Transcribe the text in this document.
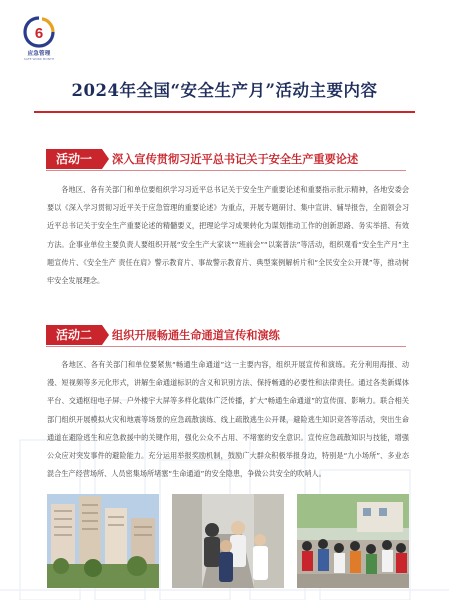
6
应急管理
SAFE WORK MONTH
2024年全国“安全生产月”活动主要内容
活动一	深入宣传贯彻习近平总书记关于安全生产重要论述

各地区、各有关部门和单位要组织学习习近平总书记关于安全生产重要论述和重要指示批示精神，各地安委会要以《深入学习贯彻习近平关于应急管理的重要论述》为重点，开展专题研讨、集中宣讲、辅导报告，全面领会习近平总书记关于安全生产重要论述的精髓要义，把理论学习成果转化为谋划推动工作的创新思路、务实举措、有效方法。企事业单位主要负责人要组织开展“安全生产大家谈”“班前会”“以案普法”等活动，组织观看“安全生产月”主题宣传片、《安全生产 责任在肩》警示教育片、事故警示教育片、典型案例解析片和“全民安全公开课”等，推动树牢安全发展理念。

活动二	组织开展畅通生命通道宣传和演练

各地区、各有关部门和单位要紧焦“畅通生命通道”这一主要内容，组织开展宣传和演练。充分利用海报、动漫、短视频等多元化形式，讲解生命通道标识的含义和识别方法、保持畅通的必要性和法律责任。通过各类新媒体平台、交通枢纽电子屏、户外楼宇大屏等多样化载体广泛传播，扩大“畅通生命通道”的宣传面、影响力。联合相关部门组织开展模拟火灾和地震等场景的应急疏散演练、线上疏散逃生公开课，避险逃生知识竞答等活动，突出生命通道在避险逃生和应急救援中的关键作用，强化公众不占用、不堵塞的安全意识。宣传应急疏散知识与技能，增强公众应对突发事件的避险能力。充分运用举报奖励机制，鼓励广大群众积极举报身边，特别是“九小场所”、多业态混合生产经营场所、人员密集场所堵塞“生命通道”的安全隐患，争做公共安全的吹哨人。
